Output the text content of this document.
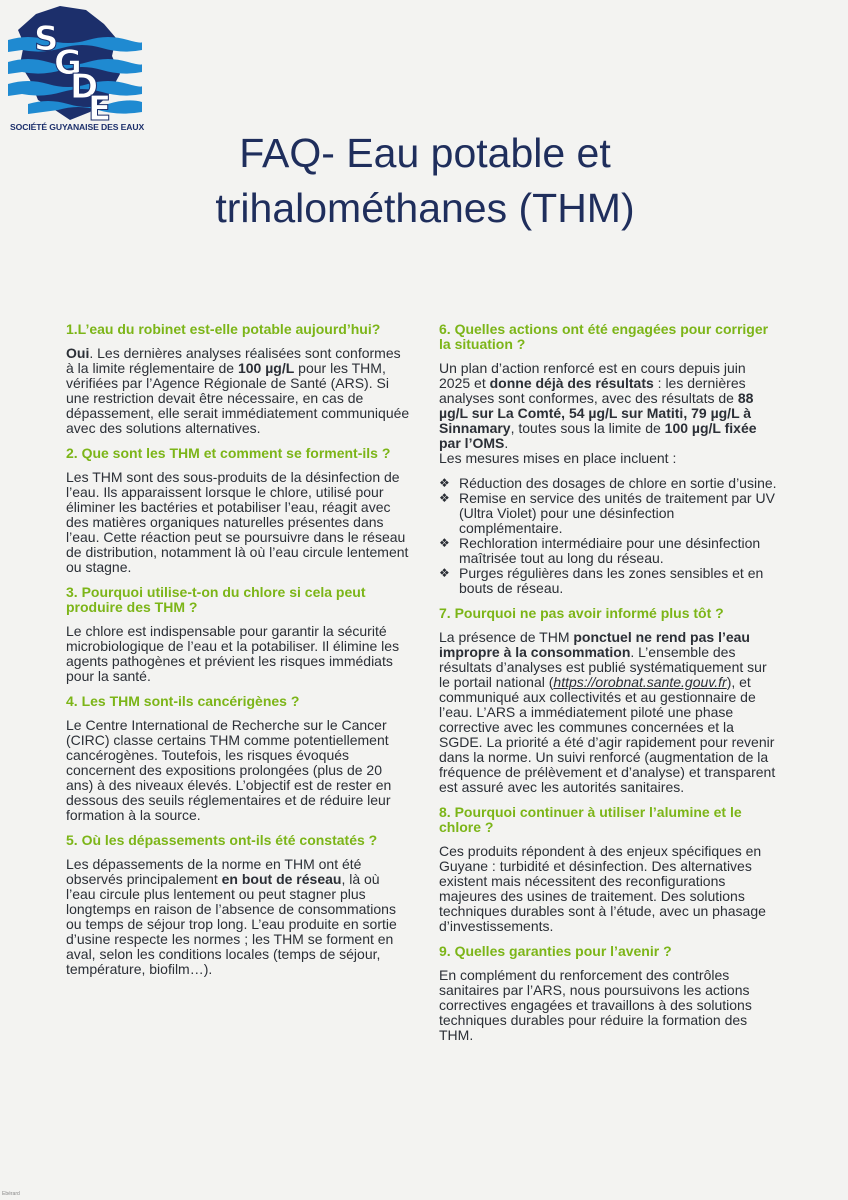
S
G
D
E
SOCIÉTÉ GUYANAISE DES EAUX
FAQ- Eau potable et
trihalométhanes (THM)

1.L’eau du robinet est-elle potable aujourd’hui?

Oui. Les dernières analyses réalisées sont conformes à la limite réglementaire de 100 µg/L pour les THM, vérifiées par l’Agence Régionale de Santé (ARS). Si une restriction devait être nécessaire, en cas de dépassement, elle serait immédiatement communiquée avec des solutions alternatives.

2. Que sont les THM et comment se forment-ils ?

Les THM sont des sous-produits de la désinfection de l’eau. Ils apparaissent lorsque le chlore, utilisé pour éliminer les bactéries et potabiliser l’eau, réagit avec des matières organiques naturelles présentes dans l’eau. Cette réaction peut se poursuivre dans le réseau de distribution, notamment là où l’eau circule lentement ou stagne.

3. Pourquoi utilise-t-on du chlore si cela peut produire des THM ?

Le chlore est indispensable pour garantir la sécurité microbiologique de l’eau et la potabiliser. Il élimine les agents pathogènes et prévient les risques immédiats pour la santé.

4. Les THM sont-ils cancérigènes ?

Le Centre International de Recherche sur le Cancer (CIRC) classe certains THM comme potentiellement cancérogènes. Toutefois, les risques évoqués concernent des expositions prolongées (plus de 20 ans) à des niveaux élevés. L’objectif est de rester en dessous des seuils réglementaires et de réduire leur formation à la source.

5. Où les dépassements ont-ils été constatés ?

Les dépassements de la norme en THM ont été observés principalement en bout de réseau, là où l’eau circule plus lentement ou peut stagner plus longtemps en raison de l’absence de consommations ou temps de séjour trop long. L’eau produite en sortie d’usine respecte les normes ; les THM se forment en aval, selon les conditions locales (temps de séjour, température, biofilm…).

6. Quelles actions ont été engagées pour corriger la situation ?

Un plan d’action renforcé est en cours depuis juin 2025 et donne déjà des résultats : les dernières analyses sont conformes, avec des résultats de 88 µg/L sur La Comté, 54 µg/L sur Matiti, 79 µg/L à Sinnamary, toutes sous la limite de 100 µg/L fixée par l’OMS.

Les mesures mises en place incluent :

❖ Réduction des dosages de chlore en sortie d’usine.
❖ Remise en service des unités de traitement par UV (Ultra Violet) pour une désinfection complémentaire.
❖ Rechloration intermédiaire pour une désinfection maîtrisée tout au long du réseau.
❖ Purges régulières dans les zones sensibles et en bouts de réseau.

7. Pourquoi ne pas avoir informé plus tôt ?

La présence de THM ponctuel ne rend pas l’eau impropre à la consommation. L’ensemble des résultats d’analyses est publié systématiquement sur le portail national (https://orobnat.sante.gouv.fr), et communiqué aux collectivités et au gestionnaire de l’eau. L’ARS a immédiatement piloté une phase corrective avec les communes concernées et la SGDE. La priorité a été d’agir rapidement pour revenir dans la norme. Un suivi renforcé (augmentation de la fréquence de prélèvement et d’analyse) et transparent est assuré avec les autorités sanitaires.

8. Pourquoi continuer à utiliser l’alumine et le chlore ?

Ces produits répondent à des enjeux spécifiques en Guyane : turbidité et désinfection. Des alternatives existent mais nécessitent des reconfigurations majeures des usines de traitement. Des solutions techniques durables sont à l’étude, avec un phasage d’investissements.

9. Quelles garanties pour l’avenir ?

En complément du renforcement des contrôles sanitaires par l’ARS, nous poursuivons les actions correctives engagées et travaillons à des solutions techniques durables pour réduire la formation des THM.

Ebérard
